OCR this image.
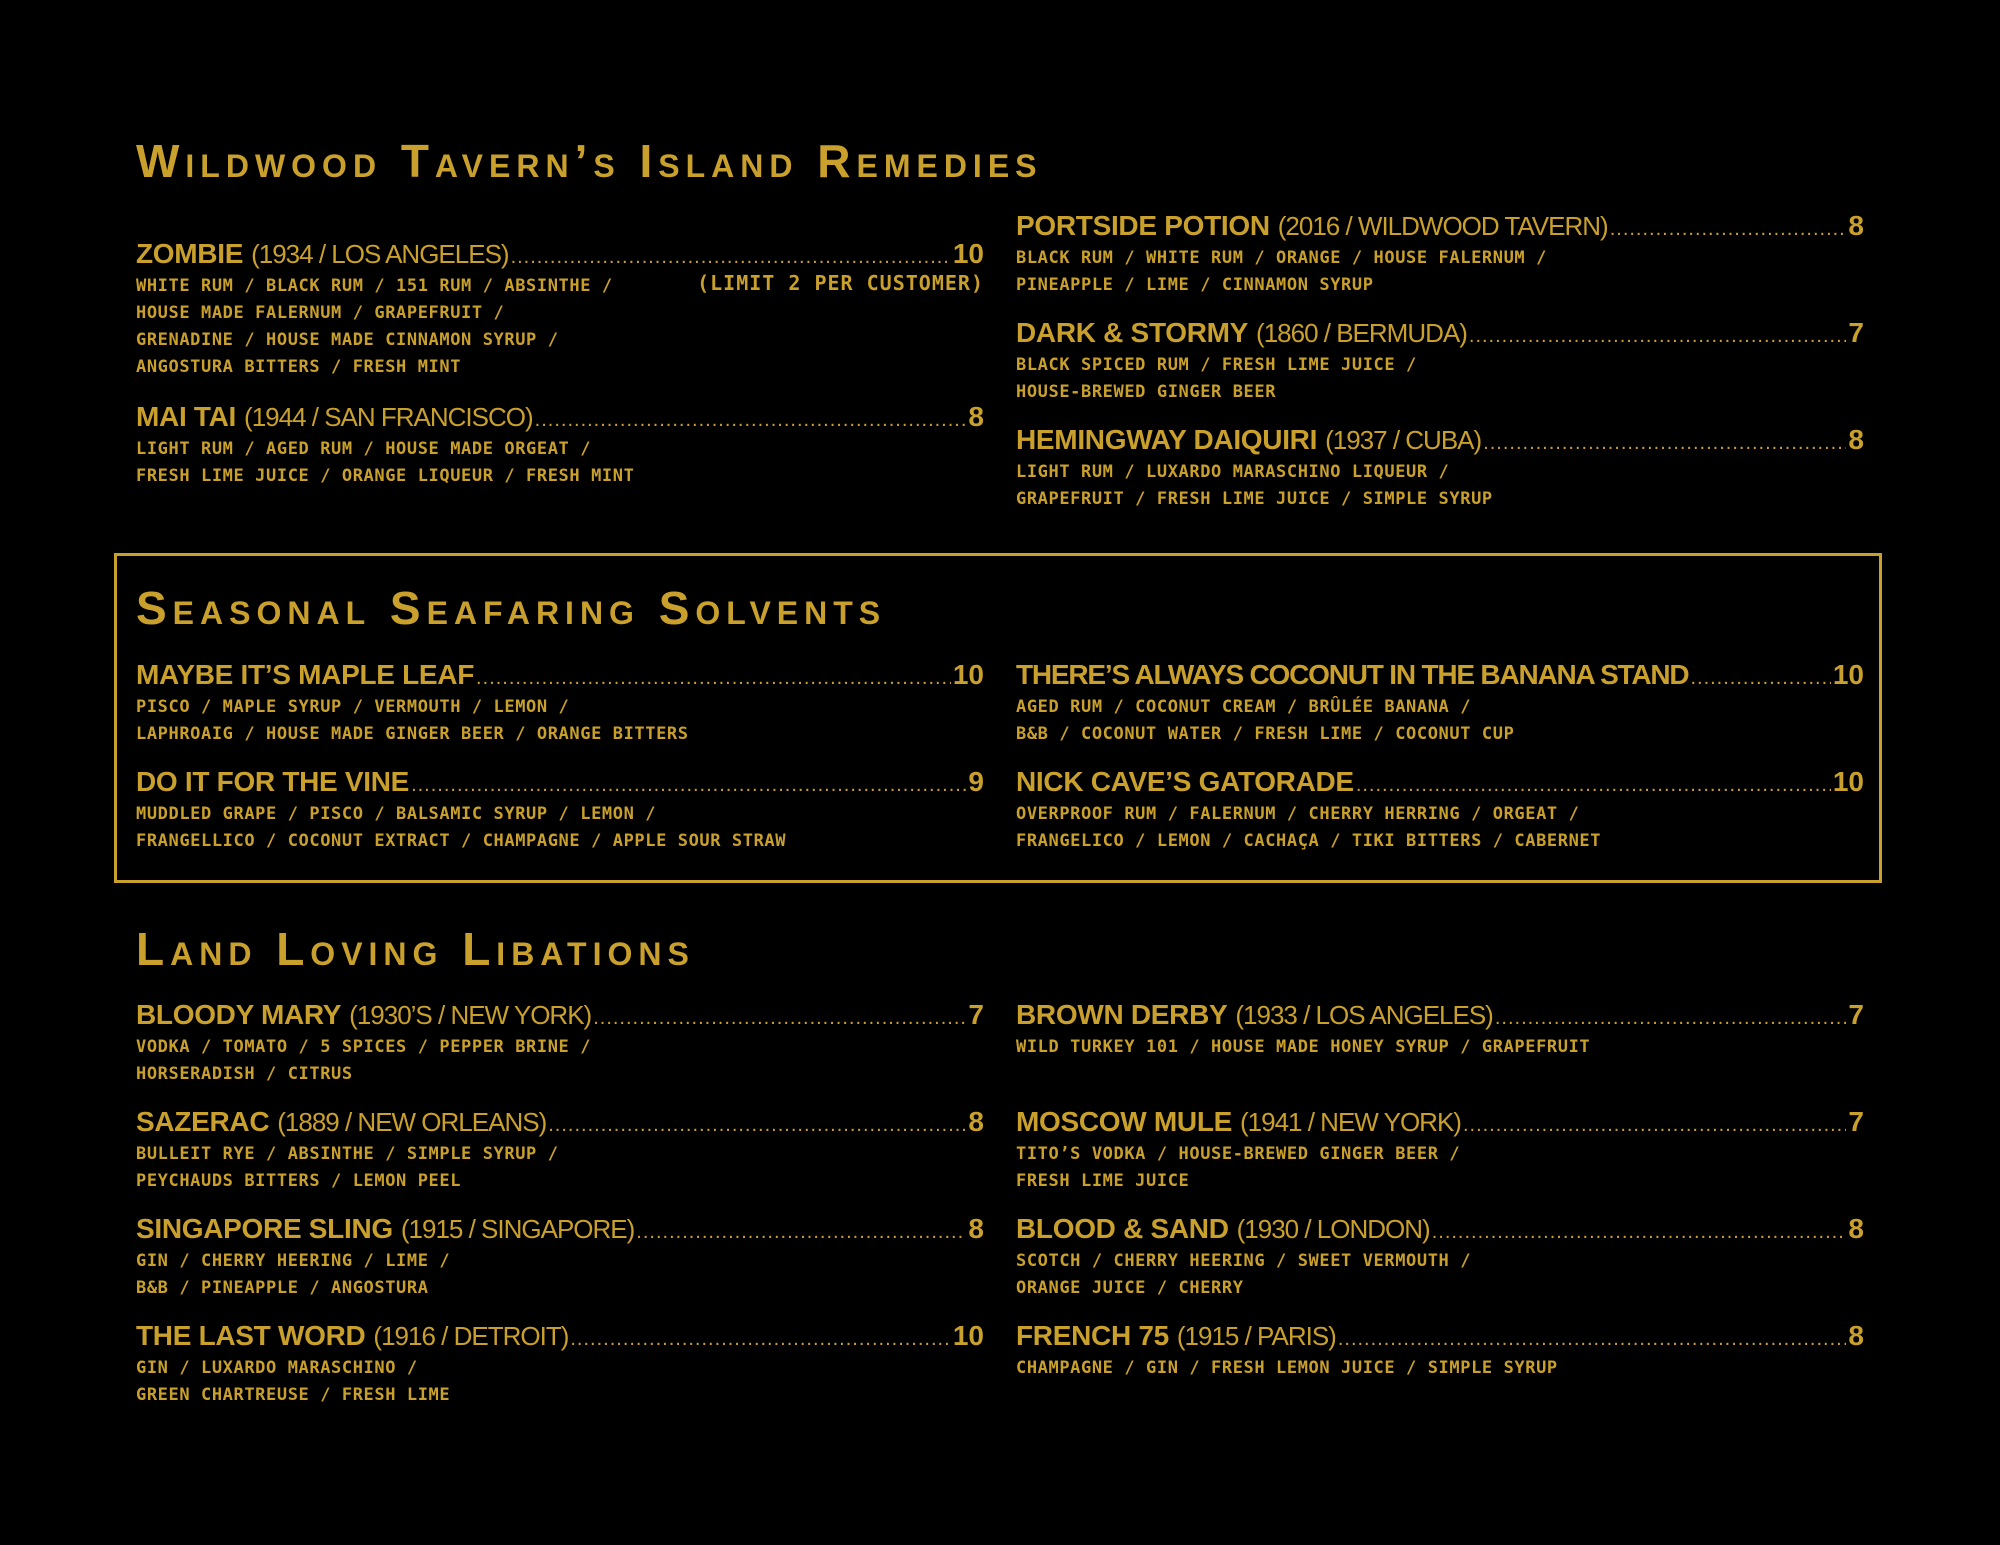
Wildwood Tavern’s Island Remedies
ZOMBIE (1934 / LOS ANGELES) .....	10
(LIMIT 2 PER CUSTOMER)
WHITE RUM / BLACK RUM / 151 RUM / ABSINTHE /
HOUSE MADE FALERNUM / GRAPEFRUIT /
GRENADINE / HOUSE MADE CINNAMON SYRUP /
ANGOSTURA BITTERS / FRESH MINT
MAI TAI (1944 / SAN FRANCISCO) .....	8
LIGHT RUM / AGED RUM / HOUSE MADE ORGEAT /
FRESH LIME JUICE / ORANGE LIQUEUR / FRESH MINT
PORTSIDE POTION (2016 / WILDWOOD TAVERN) .....	8
BLACK RUM / WHITE RUM / ORANGE / HOUSE FALERNUM /
PINEAPPLE / LIME / CINNAMON SYRUP
DARK & STORMY (1860 / BERMUDA) .....	7
BLACK SPICED RUM / FRESH LIME JUICE /
HOUSE-BREWED GINGER BEER
HEMINGWAY DAIQUIRI (1937 / CUBA) .....	8
LIGHT RUM / LUXARDO MARASCHINO LIQUEUR /
GRAPEFRUIT / FRESH LIME JUICE / SIMPLE SYRUP
Seasonal Seafaring Solvents
MAYBE IT’S MAPLE LEAF .....	10
PISCO / MAPLE SYRUP / VERMOUTH / LEMON /
LAPHROAIG / HOUSE MADE GINGER BEER / ORANGE BITTERS
DO IT FOR THE VINE .....	9
MUDDLED GRAPE / PISCO / BALSAMIC SYRUP / LEMON /
FRANGELLICO / COCONUT EXTRACT / CHAMPAGNE / APPLE SOUR STRAW
THERE’S ALWAYS COCONUT IN THE BANANA STAND .....	10
AGED RUM / COCONUT CREAM / BRÛLÉE BANANA /
B&B / COCONUT WATER / FRESH LIME / COCONUT CUP
NICK CAVE’S GATORADE .....	10
OVERPROOF RUM / FALERNUM / CHERRY HERRING / ORGEAT /
FRANGELICO / LEMON / CACHAÇA / TIKI BITTERS / CABERNET
Land Loving Libations
BLOODY MARY (1930’S / NEW YORK) .....	7
VODKA / TOMATO / 5 SPICES / PEPPER BRINE /
HORSERADISH / CITRUS
SAZERAC (1889 / NEW ORLEANS) .....	8
BULLEIT RYE / ABSINTHE / SIMPLE SYRUP /
PEYCHAUDS BITTERS / LEMON PEEL
SINGAPORE SLING (1915 / SINGAPORE) .....	8
GIN / CHERRY HEERING / LIME /
B&B / PINEAPPLE / ANGOSTURA
THE LAST WORD (1916 / DETROIT) .....	10
GIN / LUXARDO MARASCHINO /
GREEN CHARTREUSE / FRESH LIME
BROWN DERBY (1933 / LOS ANGELES) .....	7
WILD TURKEY 101 / HOUSE MADE HONEY SYRUP / GRAPEFRUIT
MOSCOW MULE (1941 / NEW YORK) .....	7
TITO’S VODKA / HOUSE-BREWED GINGER BEER /
FRESH LIME JUICE
BLOOD & SAND (1930 / LONDON) .....	8
SCOTCH / CHERRY HEERING / SWEET VERMOUTH /
ORANGE JUICE / CHERRY
FRENCH 75 (1915 / PARIS) .....	8
CHAMPAGNE / GIN / FRESH LEMON JUICE / SIMPLE SYRUP
